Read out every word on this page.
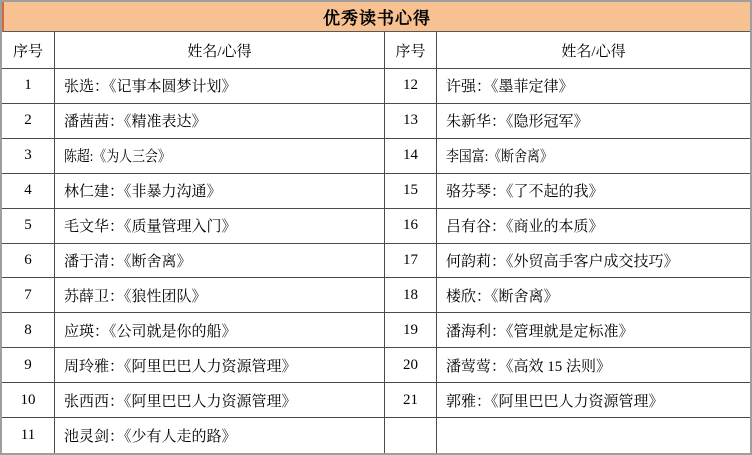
优秀读书心得
序号	姓名/心得	序号	姓名/心得
1 张选：《记事本圆梦计划》	12 许强：《墨菲定律》
2 潘茜茜：《精准表达》	13 朱新华：《隐形冠军》
3 陈超:《为人三会》	14 李国富:《断舍离》
4 林仁建：《非暴力沟通》	15 骆芬琴：《了不起的我》
5 毛文华：《质量管理入门》	16 吕有谷：《商业的本质》
6 潘于清：《断舍离》	17 何韵莉：《外贸高手客户成交技巧》
7 苏薛卫：《狼性团队》	18 楼欣：《断舍离》
8 应瑛：《公司就是你的船》	19 潘海利：《管理就是定标准》
9 周玲雅：《阿里巴巴人力资源管理》	20 潘莺莺：《高效 15 法则》
10 张西西：《阿里巴巴人力资源管理》	21 郭雅：《阿里巴巴人力资源管理》
11 池灵剑：《少有人走的路》
